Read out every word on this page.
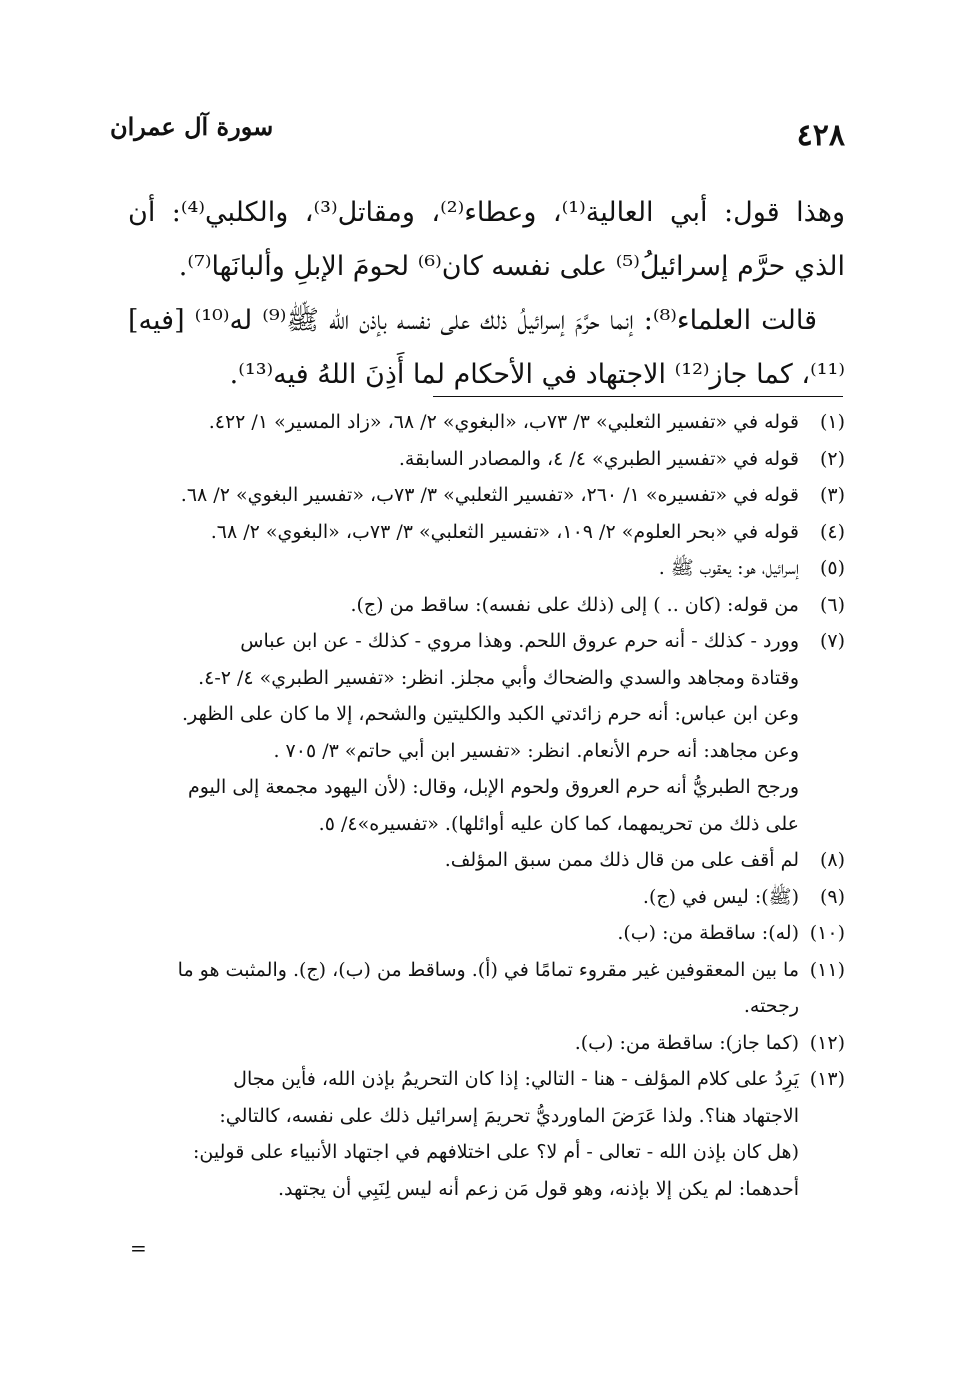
٤٢٨
سورة آل عمران

وهذا قول: أبي العالية⁽¹⁾، وعطاء⁽²⁾، ومقاتل⁽³⁾، والكلبي⁽⁴⁾: أن الذي حرَّم إسرائيلُ⁽⁵⁾ على نفسه كان⁽⁶⁾ لحومَ الإبلِ وألبانَها⁽⁷⁾.

قالت العلماء⁽⁸⁾: إنما حرَّمَ إسرائيلُ ذلك على نفسه بإذن الله ﷺ⁽⁹⁾ له⁽¹⁰⁾ [فيه]⁽¹¹⁾، كما جاز⁽¹²⁾ الاجتهاد في الأحكام لما أَذِنَ اللهُ فيه⁽¹³⁾.

(١)
قوله في «تفسير الثعلبي» ٣/ ٧٣ب، «البغوي» ٢/ ٦٨، «زاد المسير» ١/ ٤٢٢.
(٢)
قوله في «تفسير الطبري» ٤/ ٤، والمصادر السابقة.
(٣)
قوله في «تفسيره» ١/ ٢٦٠، «تفسير الثعلبي» ٣/ ٧٣ب، «تفسير البغوي» ٢/ ٦٨.
(٤)
قوله في «بحر العلوم» ٢/ ١٠٩، «تفسير الثعلبي» ٣/ ٧٣ب، «البغوي» ٢/ ٦٨.
(٥)
إسرائيل، هو: يعقوب ﷺ .
(٦)
من قوله: (كان .. ) إلى (ذلك على نفسه): ساقط من (ج).
(٧)
وورد - كذلك - أنه حرم عروق اللحم. وهذا مروي - كذلك - عن ابن عباس
وقتادة ومجاهد والسدي والضحاك وأبي مجلز. انظر: «تفسير الطبري» ٤/ ٢-٤.
وعن ابن عباس: أنه حرم زائدتي الكبد والكليتين والشحم، إلا ما كان على الظهر.
وعن مجاهد: أنه حرم الأنعام. انظر: «تفسير ابن أبي حاتم» ٣/ ٧٠٥ .
ورجح الطبريُّ أنه حرم العروق ولحوم الإبل، وقال: (لأن اليهود مجمعة إلى اليوم
على ذلك من تحريمهما، كما كان عليه أوائلها). «تفسيره»٤/ ٥.
(٨)
لم أقف على من قال ذلك ممن سبق المؤلف.
(٩)
(ﷺ): ليس في (ج).
(١٠)
(له): ساقطة من: (ب).
(١١)
ما بين المعقوفين غير مقروء تمامًا في (أ). وساقط من (ب)، (ج). والمثبت هو ما
رجحته.
(١٢)
(كما جاز): ساقطة من: (ب).
(١٣)
يَرِدُ على كلام المؤلف - هنا - التالي: إذا كان التحريمُ بإذن الله، فأين مجال
الاجتهاد هنا؟. ولذا عَرَضَ الماورديُّ تحريمَ إسرائيل ذلك على نفسه، كالتالي:
(هل كان بإذن الله - تعالى - أم لا؟ على اختلافهم في اجتهاد الأنبياء على قولين:
أحدهما: لم يكن إلا بإذنه، وهو قول مَن زعم أنه ليس لِنَبِي أن يجتهد.
=
